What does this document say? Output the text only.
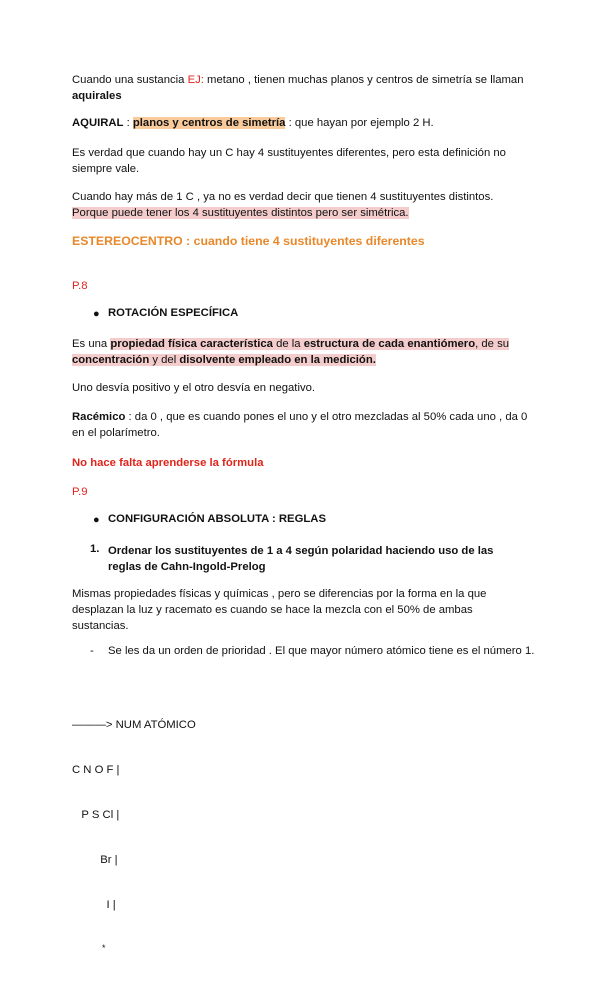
Cuando una sustancia EJ: metano , tienen muchas planos y centros de simetría se llaman aquirales

AQUIRAL : planos y centros de simetría : que hayan por ejemplo 2 H.

Es verdad que cuando hay un C hay 4 sustituyentes diferentes, pero esta definición no siempre vale.

Cuando hay más de 1 C , ya no es verdad decir que tienen 4 sustituyentes distintos. Porque puede tener los 4 sustituyentes distintos pero ser simétrica.

ESTEREOCENTRO : cuando tiene 4 sustituyentes diferentes

P.8

● ROTACIÓN ESPECÍFICA

Es una propiedad física característica de la estructura de cada enantiómero, de su concentración y del disolvente empleado en la medición.

Uno desvía positivo y el otro desvía en negativo.

Racémico : da 0 , que es cuando pones el uno y el otro mezcladas al 50% cada uno , da 0 en el polarímetro.

No hace falta aprenderse la fórmula

P.9

● CONFIGURACIÓN ABSOLUTA : REGLAS
1. Ordenar los sustituyentes de 1 a 4 según polaridad haciendo uso de las reglas de Cahn-Ingold-Prelog

Mismas propiedades físicas y químicas , pero se diferencias por la forma en la que desplazan la luz y racemato es cuando se hace la mezcla con el 50% de ambas sustancias.

- Se les da un orden de prioridad . El que mayor número atómico tiene es el número 1.

———> NUM ATÓMICO

C N O F |

P S Cl |

Br |

I |

*
